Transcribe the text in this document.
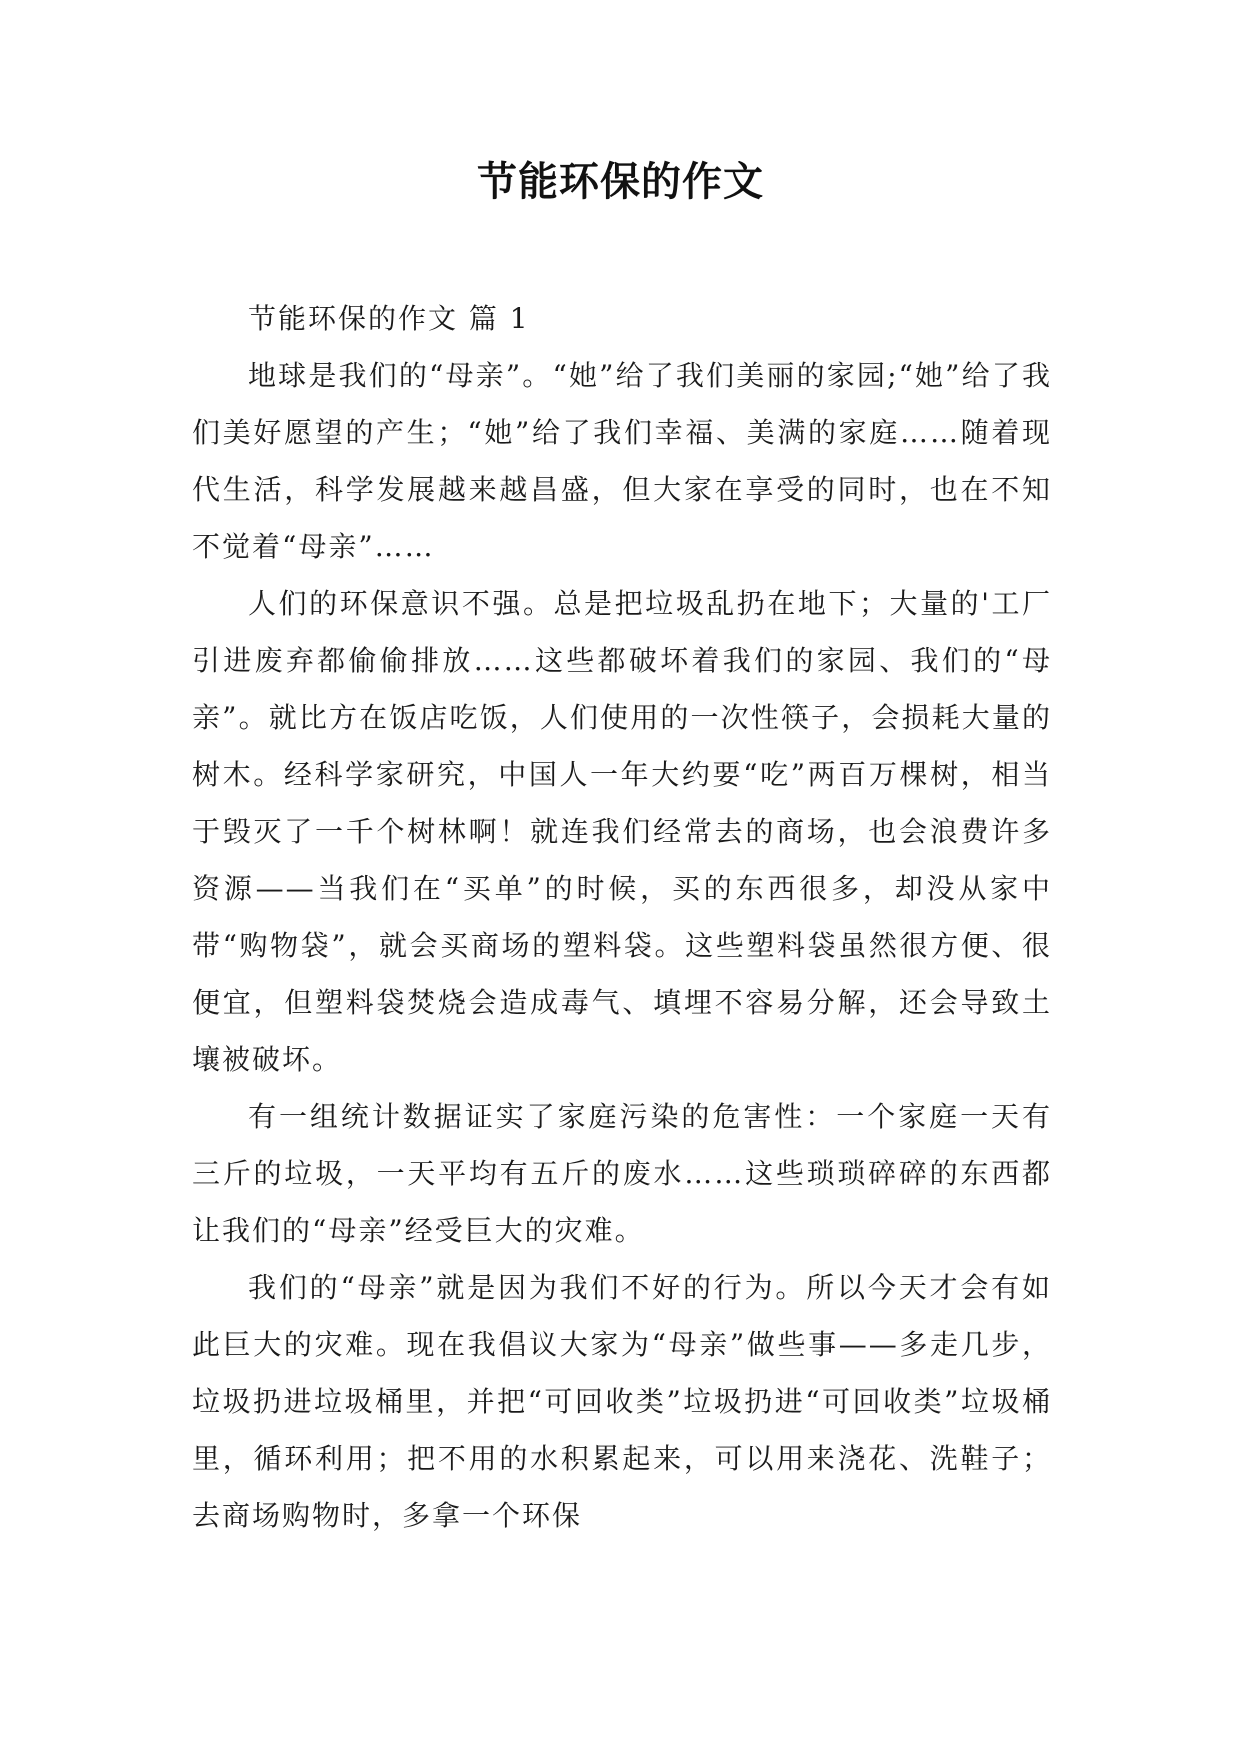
节能环保的作文

节能环保的作文 篇 1

地球是我们的“母亲”。“她”给了我们美丽的家园;“她”给了我们美好愿望的产生；“她”给了我们幸福、美满的家庭……随着现代生活，科学发展越来越昌盛，但大家在享受的同时，也在不知不觉着“母亲”……

人们的环保意识不强。总是把垃圾乱扔在地下；大量的'工厂引进废弃都偷偷排放……这些都破坏着我们的家园、我们的“母亲”。就比方在饭店吃饭，人们使用的一次性筷子，会损耗大量的树木。经科学家研究，中国人一年大约要“吃”两百万棵树，相当于毁灭了一千个树林啊！就连我们经常去的商场，也会浪费许多资源——当我们在“买单”的时候，买的东西很多，却没从家中带“购物袋”，就会买商场的塑料袋。这些塑料袋虽然很方便、很便宜，但塑料袋焚烧会造成毒气、填埋不容易分解，还会导致土壤被破坏。

有一组统计数据证实了家庭污染的危害性：一个家庭一天有三斤的垃圾，一天平均有五斤的废水……这些琐琐碎碎的东西都让我们的“母亲”经受巨大的灾难。

我们的“母亲”就是因为我们不好的行为。所以今天才会有如此巨大的灾难。现在我倡议大家为“母亲”做些事——多走几步，垃圾扔进垃圾桶里，并把“可回收类”垃圾扔进“可回收类”垃圾桶里，循环利用；把不用的水积累起来，可以用来浇花、洗鞋子；去商场购物时，多拿一个环保
